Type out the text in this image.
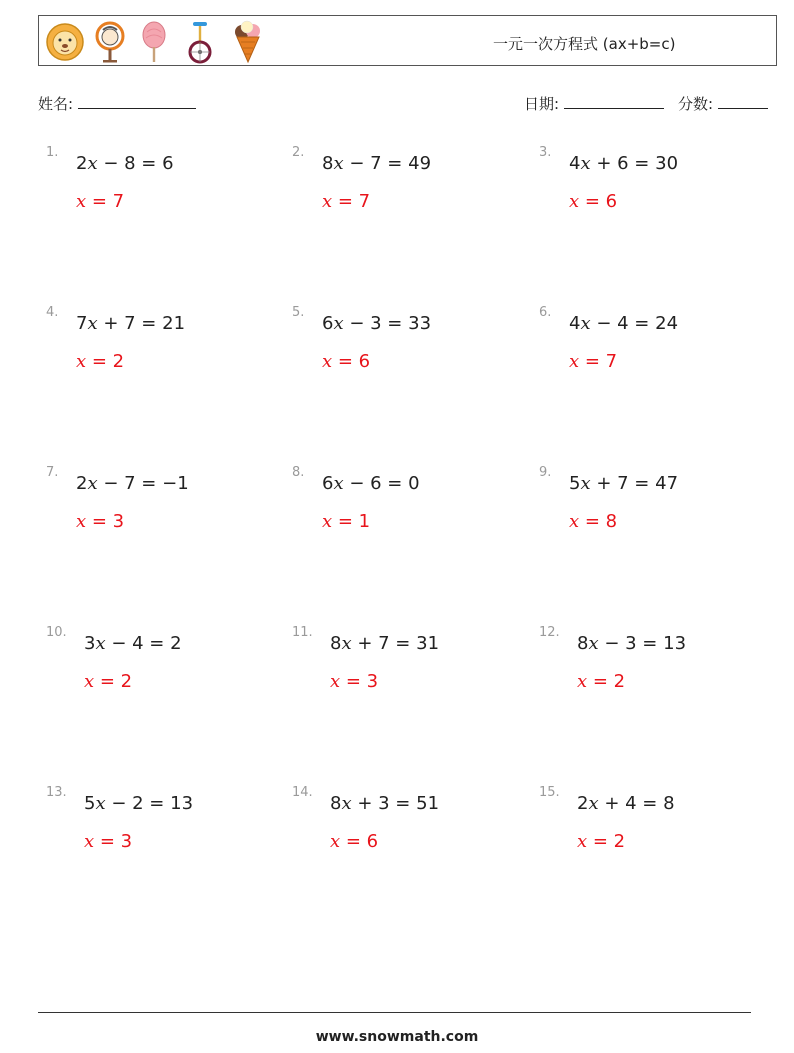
一元一次方程式 (ax+b=c)
姓名:	日期:	分数:
1.
2x − 8 = 6
x = 7
2.
8x − 7 = 49
x = 7
3.
4x + 6 = 30
x = 6
4.
7x + 7 = 21
x = 2
5.
6x − 3 = 33
x = 6
6.
4x − 4 = 24
x = 7
7.
2x − 7 = −1
x = 3
8.
6x − 6 = 0
x = 1
9.
5x + 7 = 47
x = 8
10.
3x − 4 = 2
x = 2
11.
8x + 7 = 31
x = 3
12.
8x − 3 = 13
x = 2
13.
5x − 2 = 13
x = 3
14.
8x + 3 = 51
x = 6
15.
2x + 4 = 8
x = 2
www.snowmath.com
